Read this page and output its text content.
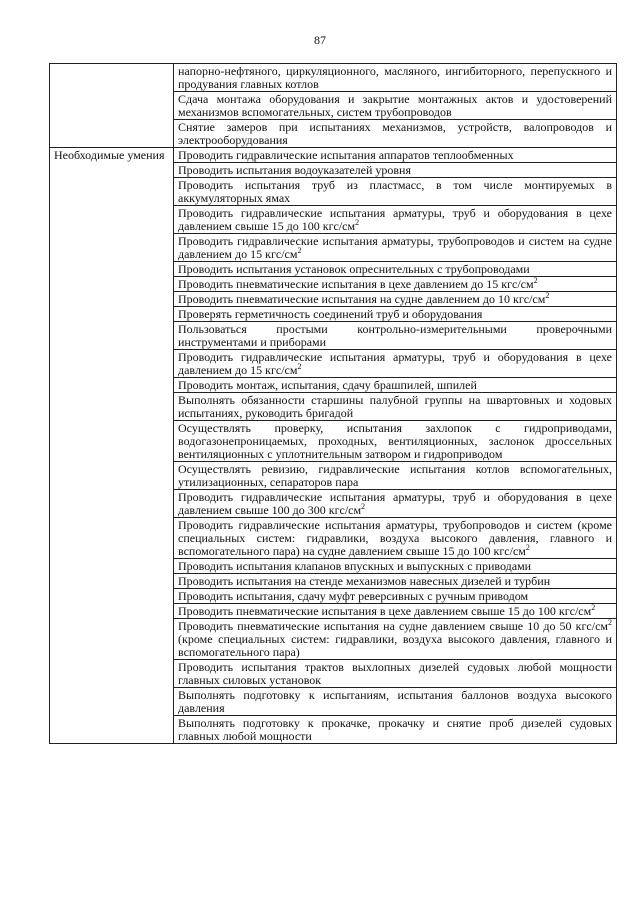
87
	напорно-нефтяного, циркуляционного, масляного, ингибиторного, перепускного и продувания главных котлов
	Сдача монтажа оборудования и закрытие монтажных актов и удостоверений механизмов вспомогательных, систем трубопроводов
	Снятие замеров при испытаниях механизмов, устройств, валопроводов и электрооборудования
Необходимые умения	Проводить гидравлические испытания аппаратов теплообменных
	Проводить испытания водоуказателей уровня
	Проводить испытания труб из пластмасс, в том числе монтируемых в аккумуляторных ямах
	Проводить гидравлические испытания арматуры, труб и оборудования в цехе давлением свыше 15 до 100 кгс/$см^2$
	Проводить гидравлические испытания арматуры, трубопроводов и систем на судне давлением до 15 кгс/$см^2$
	Проводить испытания установок опреснительных с трубопроводами
	Проводить пневматические испытания в цехе давлением до 15 кгс/$см^2$
	Проводить пневматические испытания на судне давлением до 10 кгс/$см^2$
	Проверять герметичность соединений труб и оборудования
	Пользоваться простыми контрольно-измерительными проверочными инструментами и приборами
	Проводить гидравлические испытания арматуры, труб и оборудования в цехе давлением до 15 кгс/$см^2$
	Проводить монтаж, испытания, сдачу брашпилей, шпилей
	Выполнять обязанности старшины палубной группы на швартовных и ходовых испытаниях, руководить бригадой
	Осуществлять проверку, испытания захлопок с гидроприводами, водогазонепроницаемых, проходных, вентиляционных, заслонок дроссельных вентиляционных с уплотнительным затвором и гидроприводом
	Осуществлять ревизию, гидравлические испытания котлов вспомогательных, утилизационных, сепараторов пара
	Проводить гидравлические испытания арматуры, труб и оборудования в цехе давлением свыше 100 до 300 кгс/$см^2$
	Проводить гидравлические испытания арматуры, трубопроводов и систем (кроме специальных систем: гидравлики, воздуха высокого давления, главного и вспомогательного пара) на судне давлением свыше 15 до 100 кгс/$см^2$
	Проводить испытания клапанов впускных и выпускных с приводами
	Проводить испытания на стенде механизмов навесных дизелей и турбин
	Проводить испытания, сдачу муфт реверсивных с ручным приводом
	Проводить пневматические испытания в цехе давлением свыше 15 до 100 кгс/$см^2$
	Проводить пневматические испытания на судне давлением свыше 10 до 50 кгс/$см^2$ (кроме специальных систем: гидравлики, воздуха высокого давления, главного и вспомогательного пара)
	Проводить испытания трактов выхлопных дизелей судовых любой мощности главных силовых установок
	Выполнять подготовку к испытаниям, испытания баллонов воздуха высокого давления
	Выполнять подготовку к прокачке, прокачку и снятие проб дизелей судовых главных любой мощности
